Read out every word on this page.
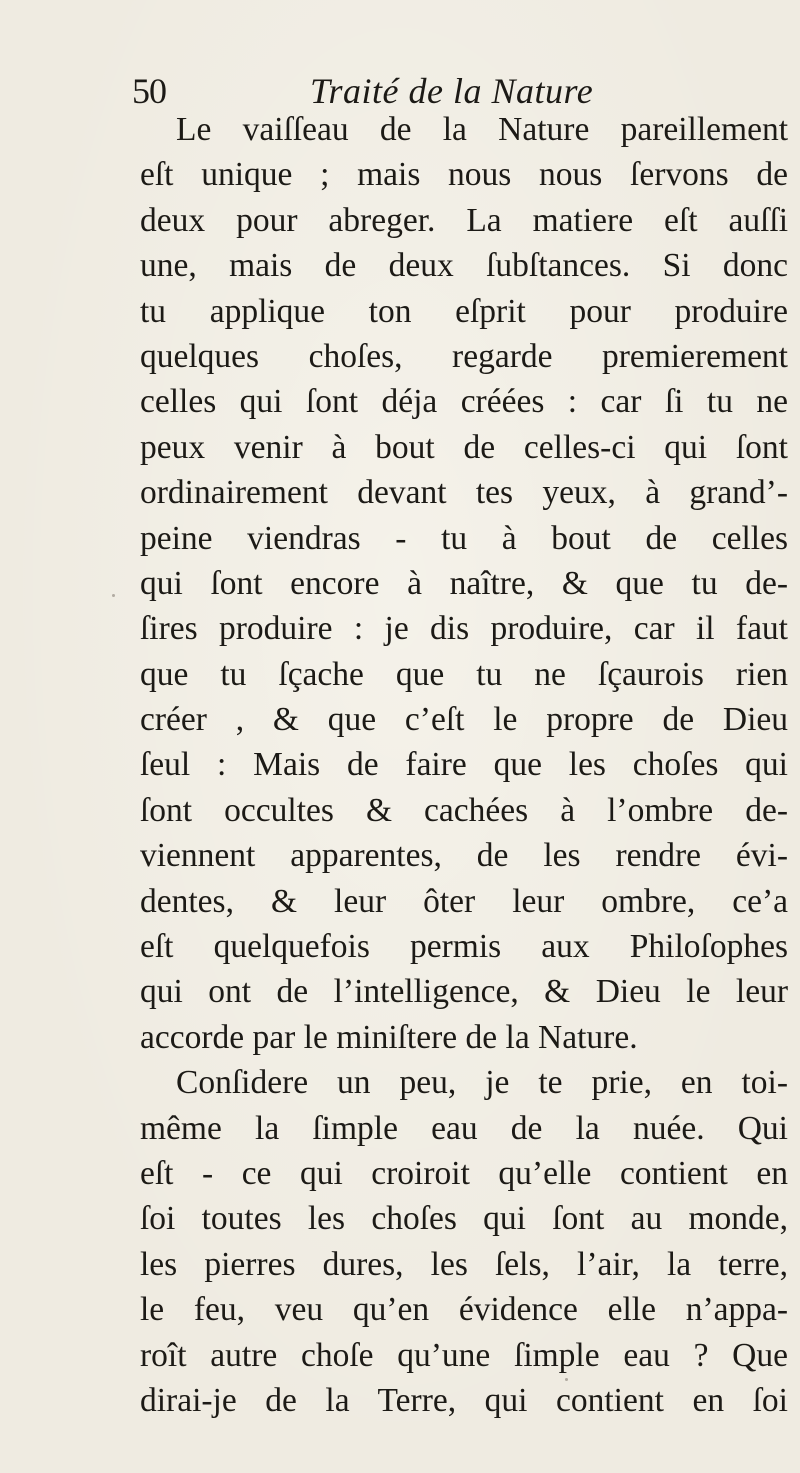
50	Traité de la Nature
Le vaiſſeau de la Nature pareillement
eſt unique ; mais nous nous ſervons de
deux pour abreger. La matiere eſt auſſi
une, mais de deux ſubſtances. Si donc
tu applique ton eſprit pour produire
quelques choſes, regarde premierement
celles qui ſont déja créées : car ſi tu ne
peux venir à bout de celles-ci qui ſont
ordinairement devant tes yeux, à grand’-
peine viendras - tu à bout de celles
qui ſont encore à naître, & que tu de-
ſires produire : je dis produire, car il faut
que tu ſçache que tu ne ſçaurois rien
créer , & que c’eſt le propre de Dieu
ſeul : Mais de faire que les choſes qui
ſont occultes & cachées à l’ombre de-
viennent apparentes, de les rendre évi-
dentes, & leur ôter leur ombre, ce’a
eſt quelquefois permis aux Philoſophes
qui ont de l’intelligence, & Dieu le leur
accorde par le miniſtere de la Nature.
Conſidere un peu, je te prie, en toi-
même la ſimple eau de la nuée. Qui
eſt - ce qui croiroit qu’elle contient en
ſoi toutes les choſes qui ſont au monde,
les pierres dures, les ſels, l’air, la terre,
le feu, veu qu’en évidence elle n’appa-
roît autre choſe qu’une ſimple eau ? Que
dirai-je de la Terre, qui contient en ſoi
